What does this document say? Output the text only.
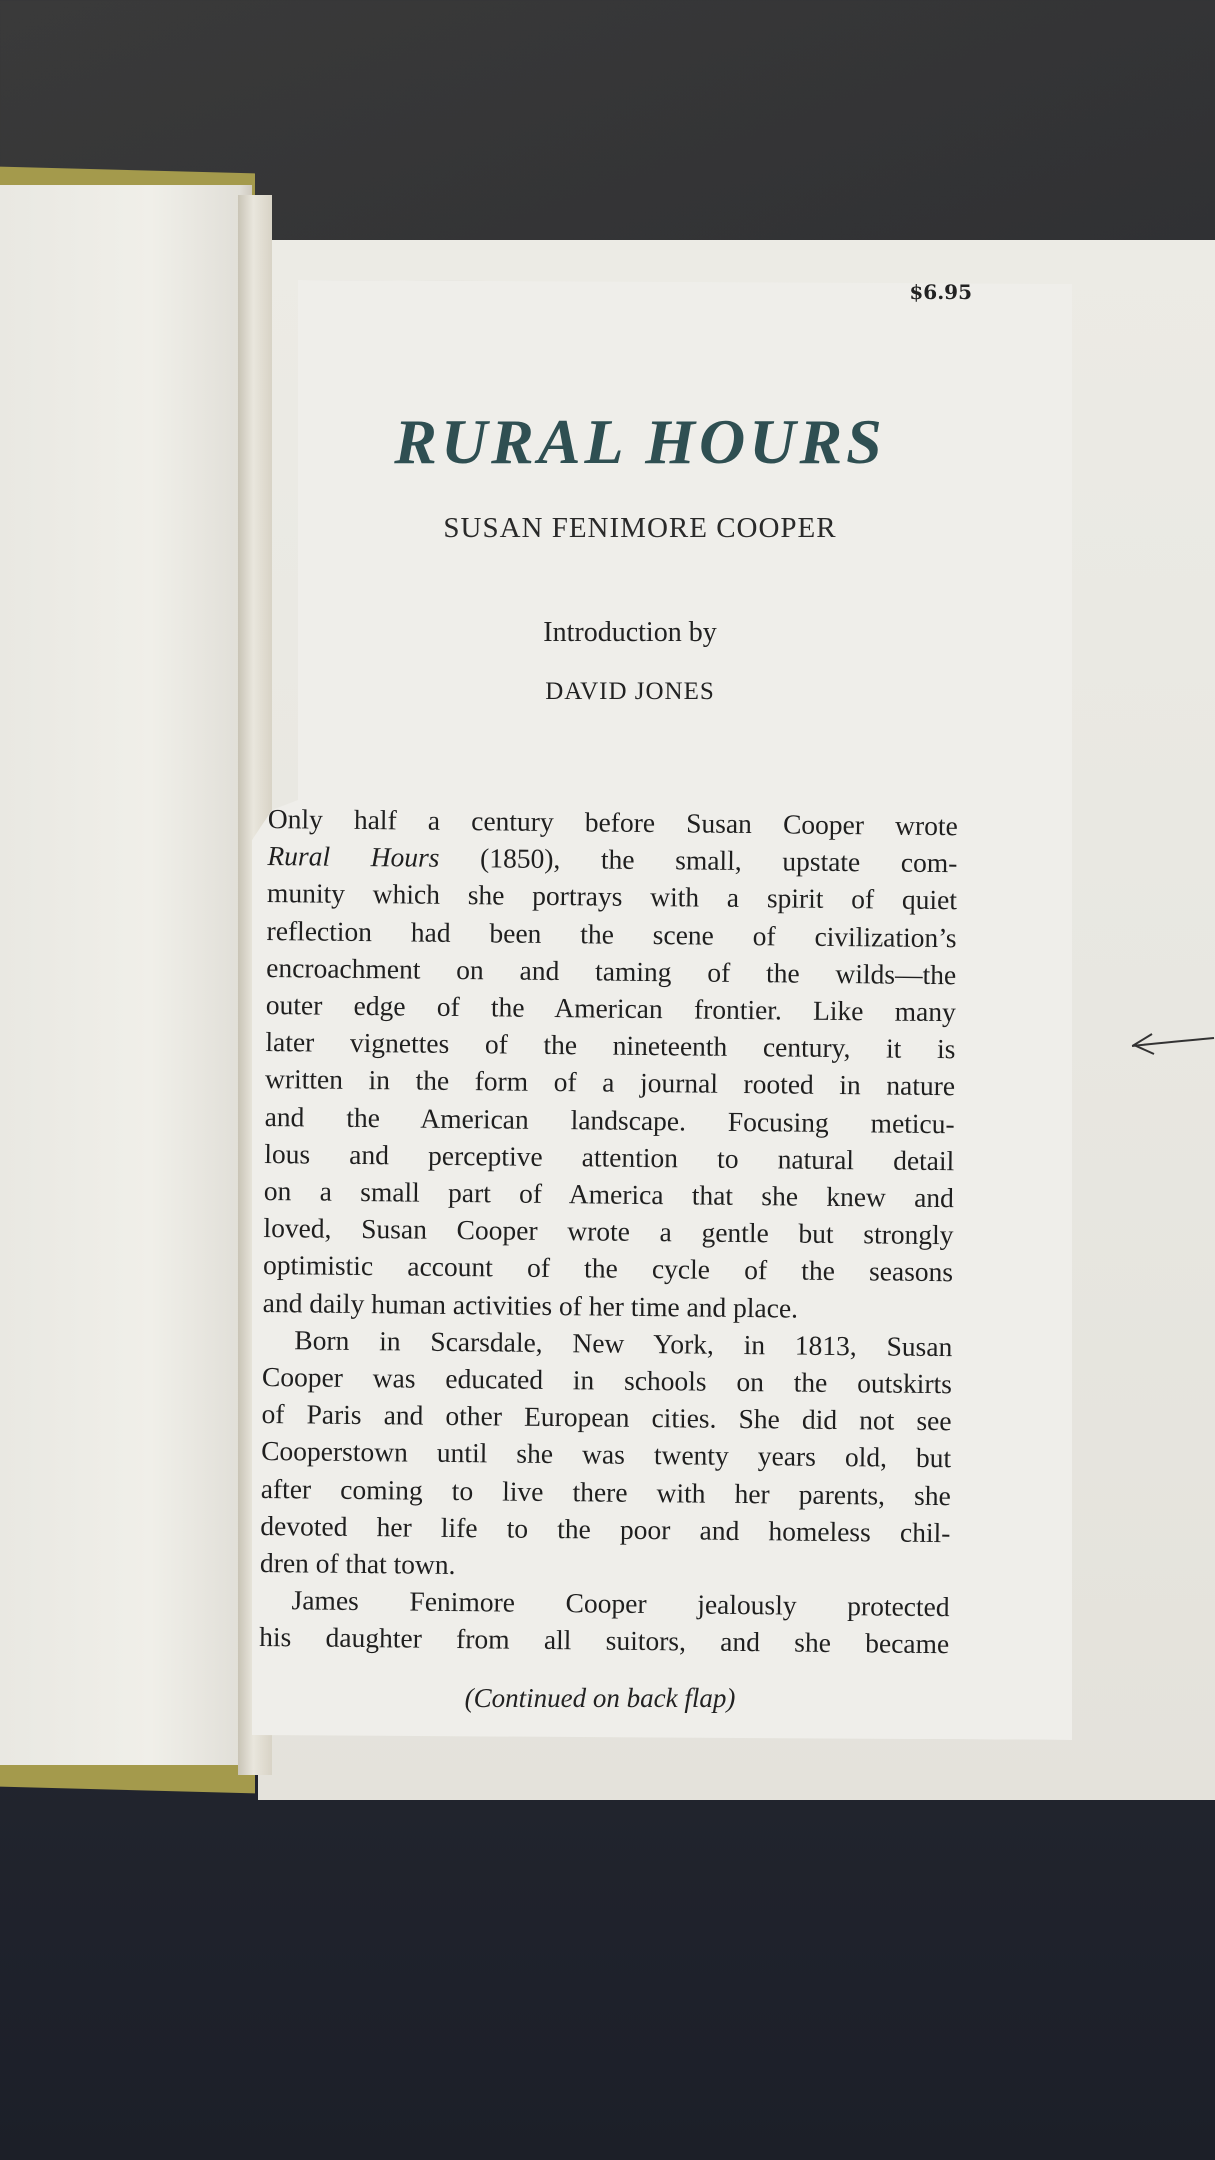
$6.95
RURAL HOURS
SUSAN FENIMORE COOPER
Introduction by
DAVID JONES
Only half a century before Susan Cooper wrote
Rural Hours (1850), the small, upstate com-
munity which she portrays with a spirit of quiet
reflection had been the scene of civilization’s
encroachment on and taming of the wilds—the
outer edge of the American frontier. Like many
later vignettes of the nineteenth century, it is
written in the form of a journal rooted in nature
and the American landscape. Focusing meticu-
lous and perceptive attention to natural detail
on a small part of America that she knew and
loved, Susan Cooper wrote a gentle but strongly
optimistic account of the cycle of the seasons
and daily human activities of her time and place.
Born in Scarsdale, New York, in 1813, Susan
Cooper was educated in schools on the outskirts
of Paris and other European cities. She did not see
Cooperstown until she was twenty years old, but
after coming to live there with her parents, she
devoted her life to the poor and homeless chil-
dren of that town.
James Fenimore Cooper jealously protected
his daughter from all suitors, and she became
(Continued on back flap)
